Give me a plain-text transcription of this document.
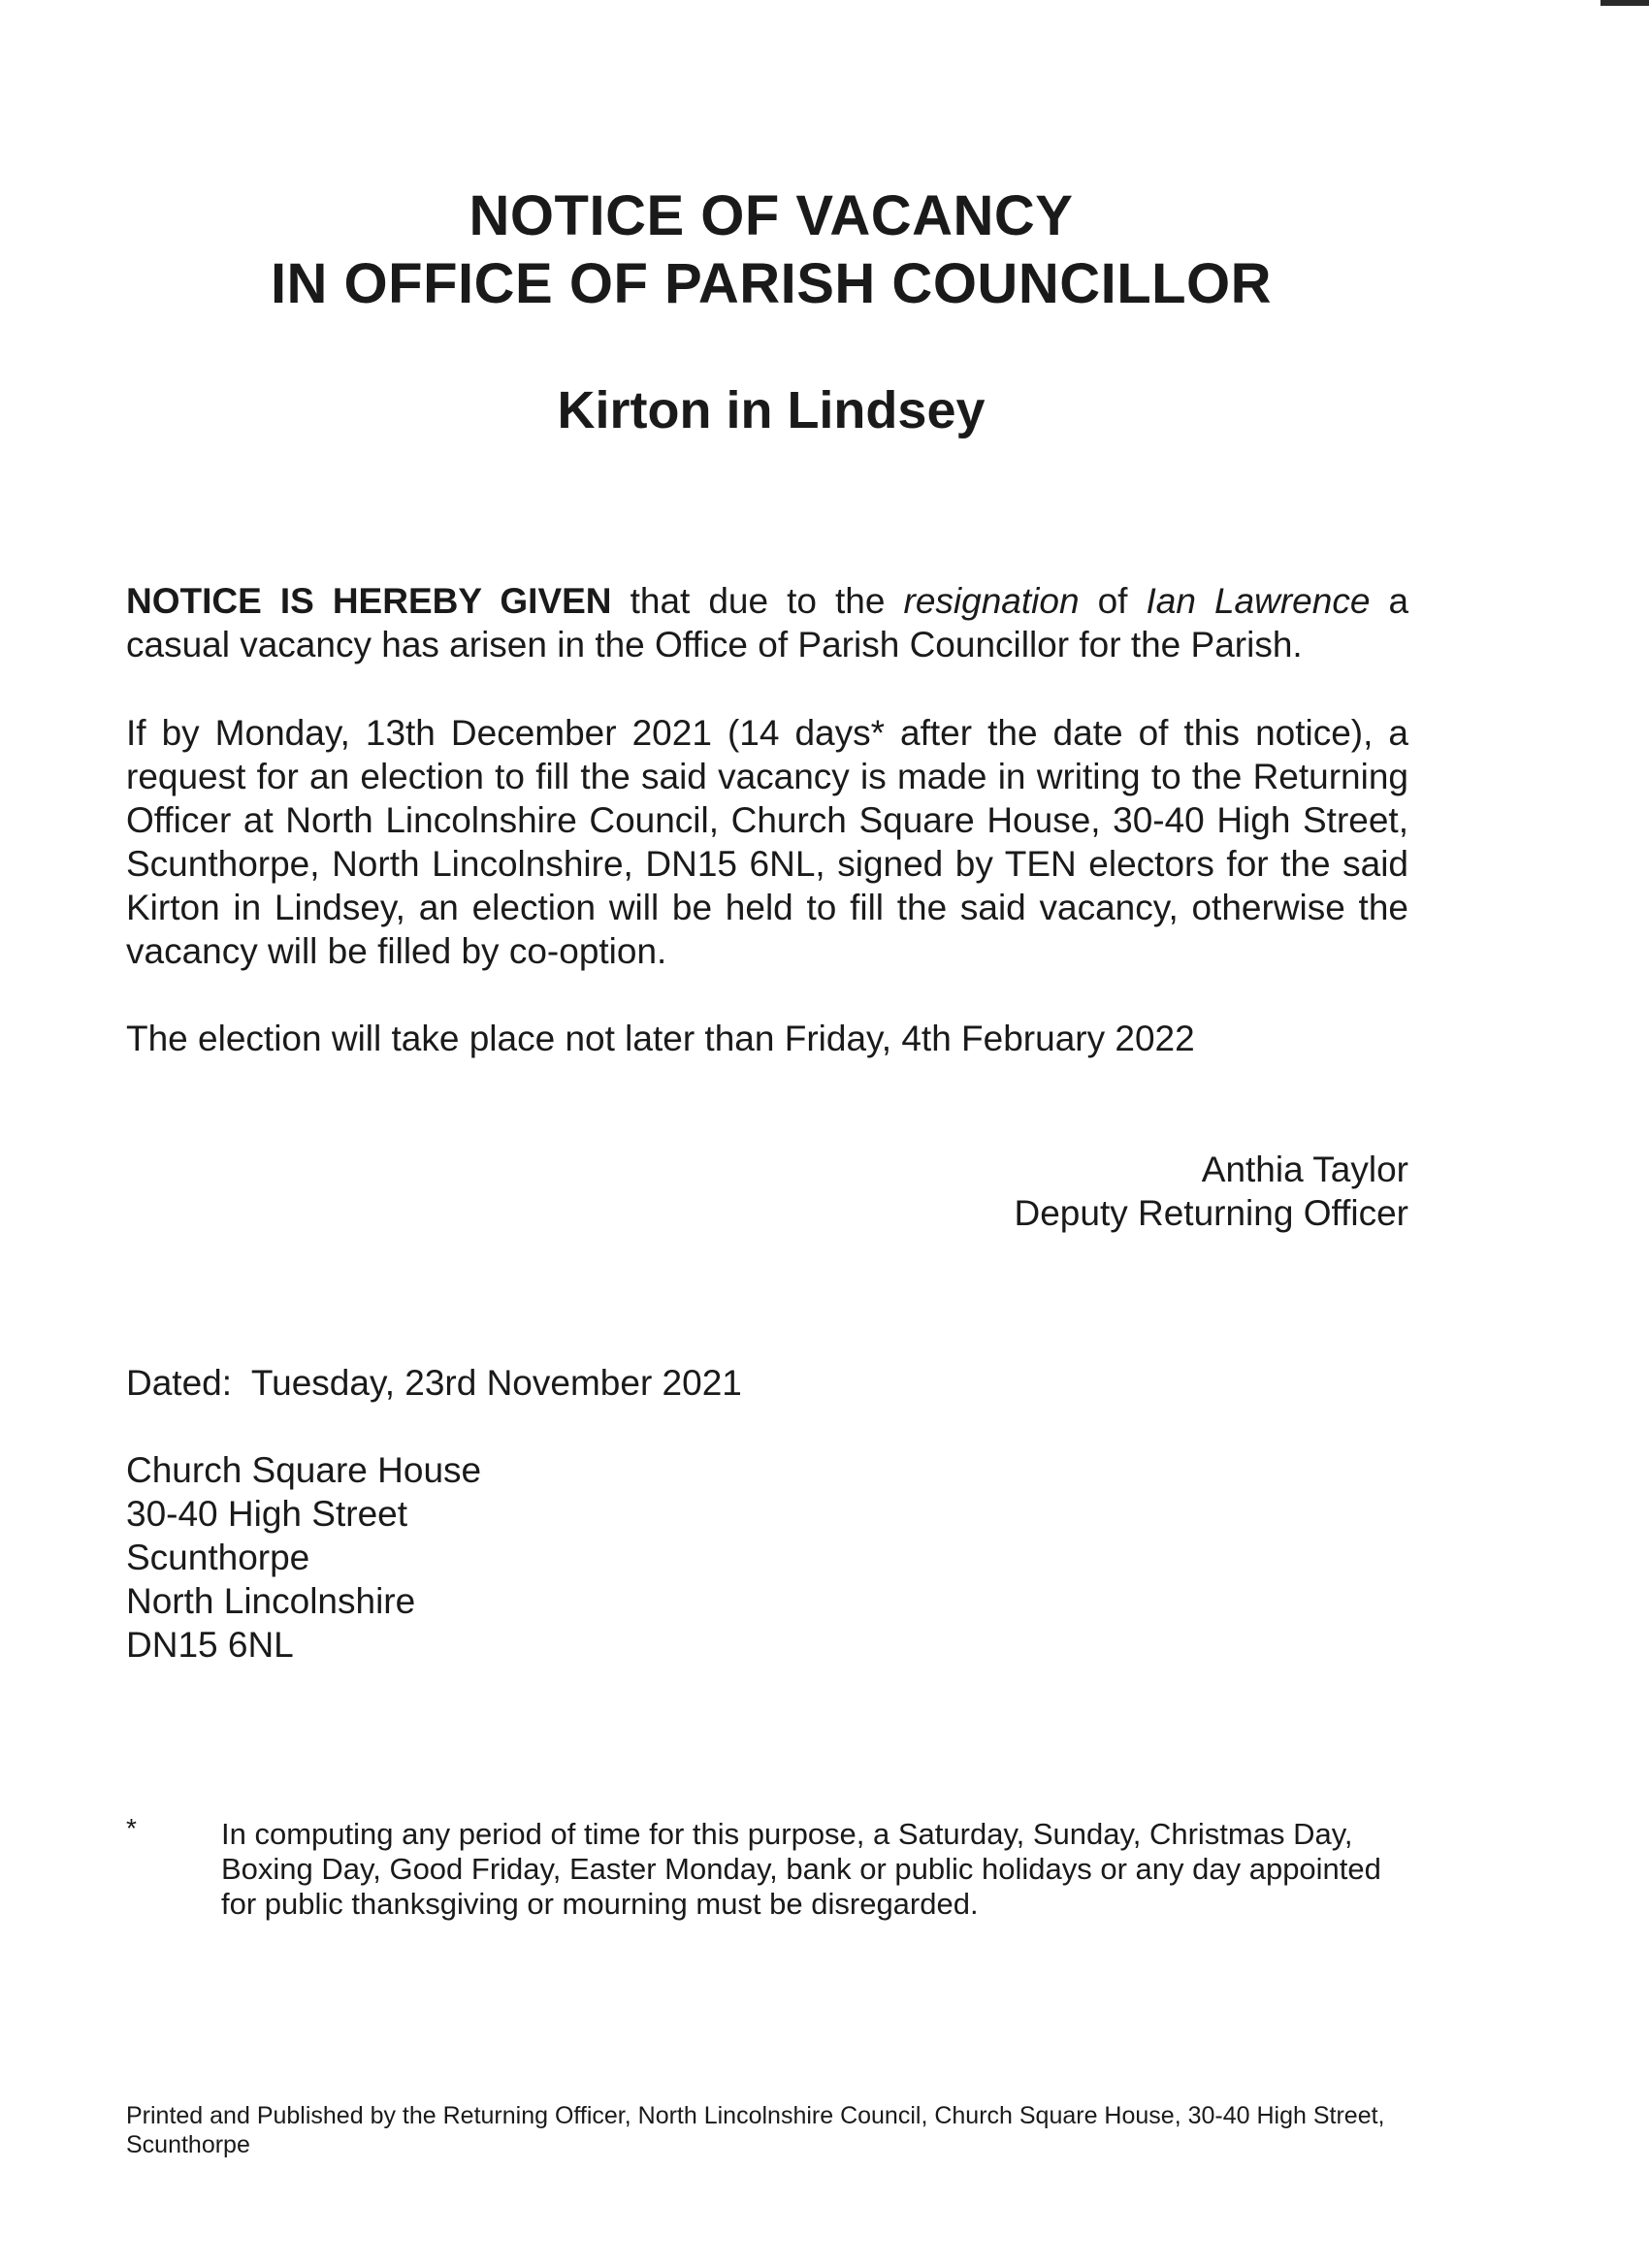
NOTICE OF VACANCY
IN OFFICE OF PARISH COUNCILLOR
Kirton in Lindsey
NOTICE IS HEREBY GIVEN that due to the resignation of Ian Lawrence a casual vacancy has arisen in the Office of Parish Councillor for the Parish.
If by Monday, 13th December 2021 (14 days* after the date of this notice), a request for an election to fill the said vacancy is made in writing to the Returning Officer at North Lincolnshire Council, Church Square House, 30-40 High Street, Scunthorpe, North Lincolnshire, DN15 6NL, signed by TEN electors for the said Kirton in Lindsey, an election will be held to fill the said vacancy, otherwise the vacancy will be filled by co-option.
The election will take place not later than Friday, 4th February 2022
Anthia Taylor
Deputy Returning Officer
Dated:  Tuesday, 23rd November 2021
Church Square House
30-40 High Street
Scunthorpe
North Lincolnshire
DN15 6NL
*	In computing any period of time for this purpose, a Saturday, Sunday, Christmas Day, Boxing Day, Good Friday, Easter Monday, bank or public holidays or any day appointed for public thanksgiving or mourning must be disregarded.
Printed and Published by the Returning Officer, North Lincolnshire Council, Church Square House, 30-40 High Street, Scunthorpe
